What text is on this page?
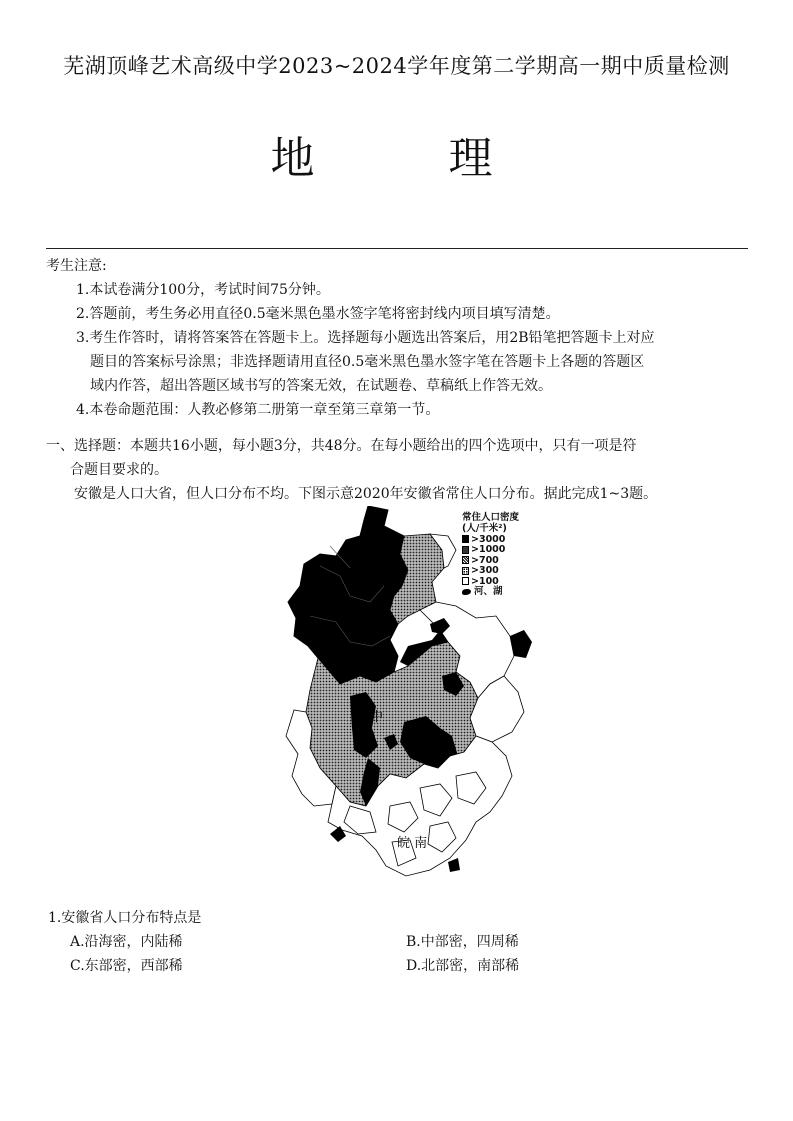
芜湖顶峰艺术高级中学2023~2024学年度第二学期高一期中质量检测
地 理
考生注意:
1.本试卷满分100分，考试时间75分钟。
2.答题前，考生务必用直径0.5毫米黑色墨水签字笔将密封线内项目填写清楚。
3.考生作答时，请将答案答在答题卡上。选择题每小题选出答案后，用2B铅笔把答题卡上对应
题目的答案标号涂黑；非选择题请用直径0.5毫米黑色墨水签字笔在答题卡上各题的答题区
域内作答，超出答题区域书写的答案无效，在试题卷、草稿纸上作答无效。
4.本卷命题范围：人教必修第二册第一章至第三章第一节。
一、选择题：本题共16小题，每小题3分，共48分。在每小题给出的四个选项中，只有一项是符
合题目要求的。
安徽是人口大省，但人口分布不均。下图示意2020年安徽省常住人口分布。据此完成1~3题。
皖 北
皖 中
皖 南
常住人口密度
(人/千米²)
>3000
>1000
>700
>300
>100
河、湖
1.安徽省人口分布特点是
A.沿海密，内陆稀	B.中部密，四周稀
C.东部密，西部稀	D.北部密，南部稀
